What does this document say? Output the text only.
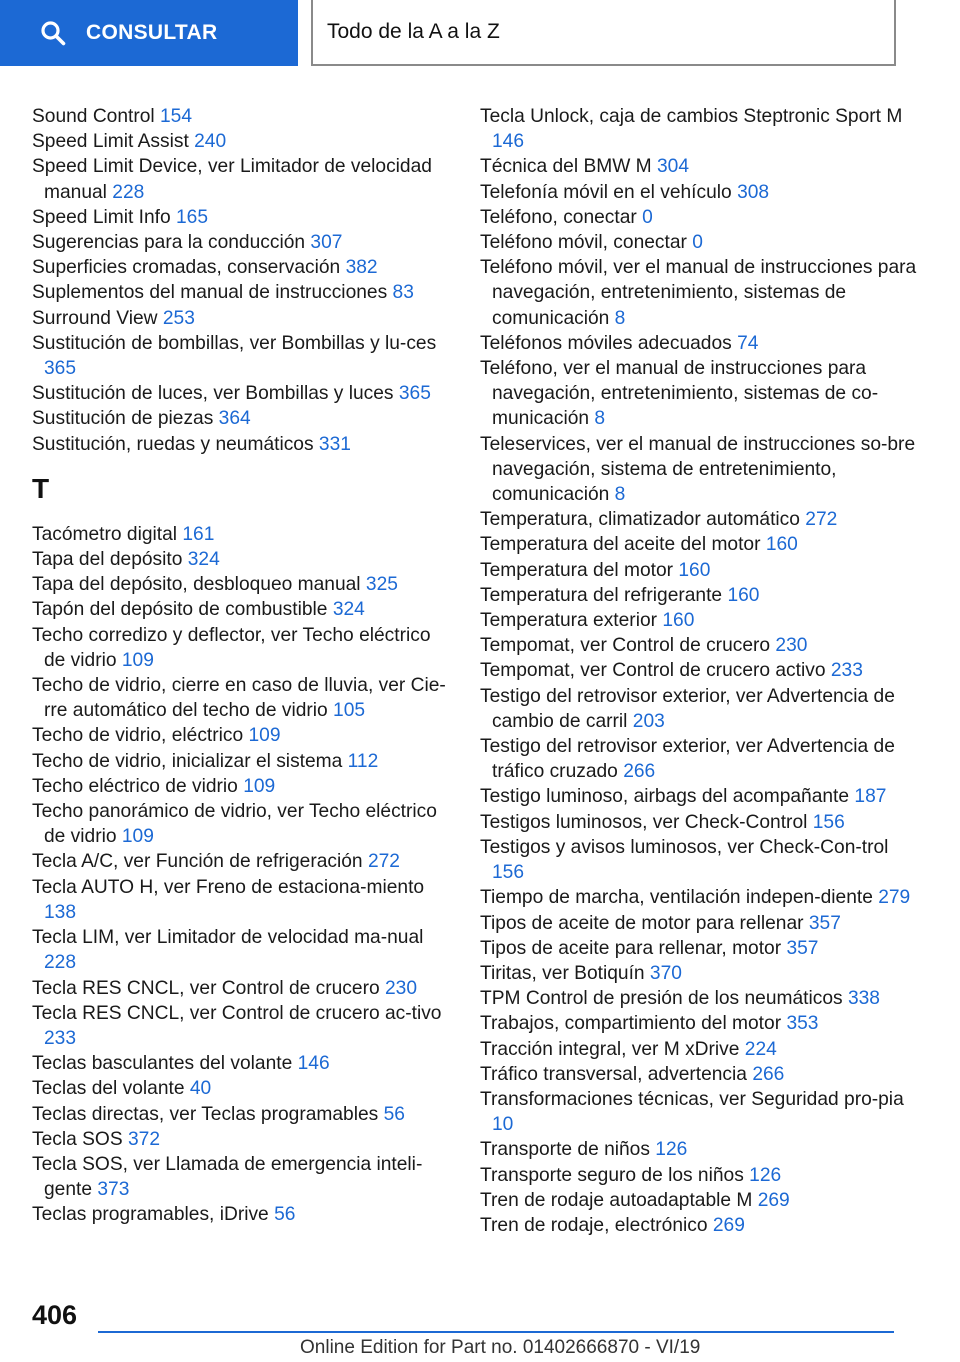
CONSULTAR	Todo de la A a la Z
Sound Control 154
Speed Limit Assist 240
Speed Limit Device, ver Limitador de velocidad manual 228
Speed Limit Info 165
Sugerencias para la conducción 307
Superficies cromadas, conservación 382
Suplementos del manual de instrucciones 83
Surround View 253
Sustitución de bombillas, ver Bombillas y lu-ces 365
Sustitución de luces, ver Bombillas y luces 365
Sustitución de piezas 364
Sustitución, ruedas y neumáticos 331
T
Tacómetro digital 161
Tapa del depósito 324
Tapa del depósito, desbloqueo manual 325
Tapón del depósito de combustible 324
Techo corredizo y deflector, ver Techo eléctrico de vidrio 109
Techo de vidrio, cierre en caso de lluvia, ver Cie-rre automático del techo de vidrio 105
Techo de vidrio, eléctrico 109
Techo de vidrio, inicializar el sistema 112
Techo eléctrico de vidrio 109
Techo panorámico de vidrio, ver Techo eléctrico de vidrio 109
Tecla A/C, ver Función de refrigeración 272
Tecla AUTO H, ver Freno de estaciona-miento 138
Tecla LIM, ver Limitador de velocidad ma-nual 228
Tecla RES CNCL, ver Control de crucero 230
Tecla RES CNCL, ver Control de crucero ac-tivo 233
Teclas basculantes del volante 146
Teclas del volante 40
Teclas directas, ver Teclas programables 56
Tecla SOS 372
Tecla SOS, ver Llamada de emergencia inteli-gente 373
Teclas programables, iDrive 56
Tecla Unlock, caja de cambios Steptronic Sport M 146
Técnica del BMW M 304
Telefonía móvil en el vehículo 308
Teléfono, conectar 0
Teléfono móvil, conectar 0
Teléfono móvil, ver el manual de instrucciones para navegación, entretenimiento, sistemas de comunicación 8
Teléfonos móviles adecuados 74
Teléfono, ver el manual de instrucciones para navegación, entretenimiento, sistemas de co-municación 8
Teleservices, ver el manual de instrucciones so-bre navegación, sistema de entretenimiento, comunicación 8
Temperatura, climatizador automático 272
Temperatura del aceite del motor 160
Temperatura del motor 160
Temperatura del refrigerante 160
Temperatura exterior 160
Tempomat, ver Control de crucero 230
Tempomat, ver Control de crucero activo 233
Testigo del retrovisor exterior, ver Advertencia de cambio de carril 203
Testigo del retrovisor exterior, ver Advertencia de tráfico cruzado 266
Testigo luminoso, airbags del acompañante 187
Testigos luminosos, ver Check-Control 156
Testigos y avisos luminosos, ver Check-Con-trol 156
Tiempo de marcha, ventilación indepen-diente 279
Tipos de aceite de motor para rellenar 357
Tipos de aceite para rellenar, motor 357
Tiritas, ver Botiquín 370
TPM Control de presión de los neumáticos 338
Trabajos, compartimiento del motor 353
Tracción integral, ver M xDrive 224
Tráfico transversal, advertencia 266
Transformaciones técnicas, ver Seguridad pro-pia 10
Transporte de niños 126
Transporte seguro de los niños 126
Tren de rodaje autoadaptable M 269
Tren de rodaje, electrónico 269
406
Online Edition for Part no. 01402666870 - VI/19
